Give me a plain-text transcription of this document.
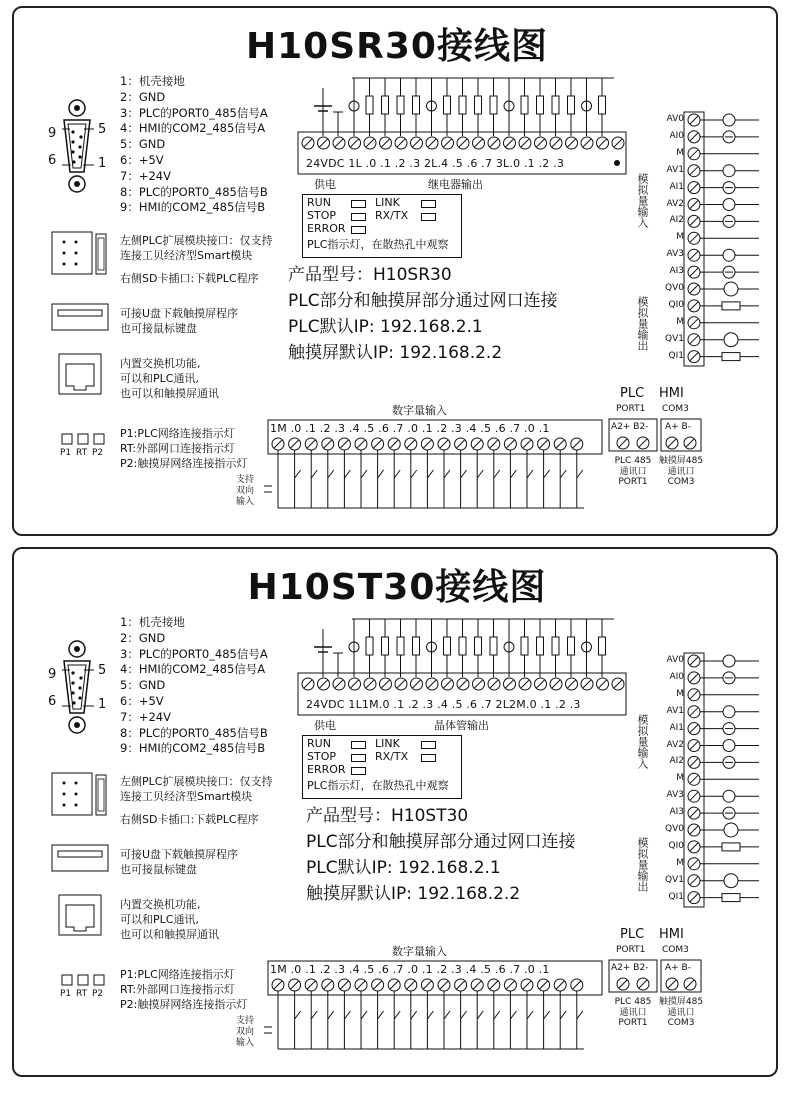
H10SR30接线图
1：机壳接地
2：GND
3：PLC的PORT0_485信号A
4：HMI的COM2_485信号A
5：GND
6：+5V
7：+24V
8：PLC的PORT0_485信号B
9：HMI的COM2_485信号B
9	5
6	1
左侧PLC扩展模块接口：仅支持
连接工贝经济型Smart模块
右侧SD卡插口:下载PLC程序
可接U盘下载触摸屏程序
也可接鼠标键盘
内置交换机功能,
可以和PLC通讯,
也可以和触摸屏通讯
P1 RT P2
P1:PLC网络连接指示灯
RT:外部网口连接指示灯
P2:触摸屏网络连接指示灯
24VDC 1L .0 .1 .2 .3 2L.4 .5 .6 .7 3L.0 .1 .2 .3
供电	继电器输出
RUN
STOP
ERROR
LINK
RX/TX
PLC指示灯，在散热孔中观察
产品型号：H10SR30
PLC部分和触摸屏部分通过网口连接
PLC默认IP: 192.168.2.1
触摸屏默认IP: 192.168.2.2
模拟量输入
模拟量输出
AV0
AI0
M
AV1
AI1
AV2
AI2
M
AV3
AI3
QV0
QI0
M
QV1
QI1
数字量输入
1M .0 .1 .2 .3 .4 .5 .6 .7 .0 .1 .2 .3 .4 .5 .6 .7 .0 .1
支持
双向
输入
PLC HMI
PORT1 COM3
A2+ B2- A+ B-
PLC 485
通讯口
PORT1
触摸屏485
通讯口
COM3
H10ST30接线图
1：机壳接地
2：GND
3：PLC的PORT0_485信号A
4：HMI的COM2_485信号A
5：GND
6：+5V
7：+24V
8：PLC的PORT0_485信号B
9：HMI的COM2_485信号B
9	5
6	1
左侧PLC扩展模块接口：仅支持
连接工贝经济型Smart模块
右侧SD卡插口:下载PLC程序
可接U盘下载触摸屏程序
也可接鼠标键盘
内置交换机功能,
可以和PLC通讯,
也可以和触摸屏通讯
P1 RT P2
P1:PLC网络连接指示灯
RT:外部网口连接指示灯
P2:触摸屏网络连接指示灯
24VDC 1L1M.0 .1 .2 .3 .4 .5 .6 .7 2L2M.0 .1 .2 .3
供电	晶体管输出
RUN
STOP
ERROR
LINK
RX/TX
PLC指示灯，在散热孔中观察
产品型号：H10ST30
PLC部分和触摸屏部分通过网口连接
PLC默认IP: 192.168.2.1
触摸屏默认IP: 192.168.2.2
模拟量输入
模拟量输出
AV0
AI0
M
AV1
AI1
AV2
AI2
M
AV3
AI3
QV0
QI0
M
QV1
QI1
数字量输入
1M .0 .1 .2 .3 .4 .5 .6 .7 .0 .1 .2 .3 .4 .5 .6 .7 .0 .1
支持
双向
输入
PLC HMI
PORT1 COM3
A2+ B2- A+ B-
PLC 485
通讯口
PORT1
触摸屏485
通讯口
COM3
